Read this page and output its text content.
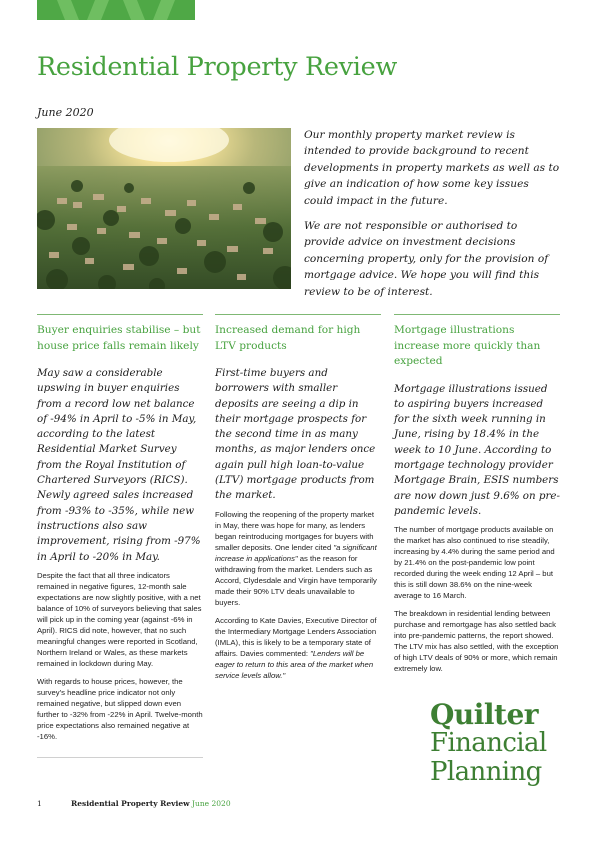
Residential Property Review
June 2020

Our monthly property market review is intended to provide background to recent developments in property markets as well as to give an indication of how some key issues could impact in the future.

We are not responsible or authorised to provide advice on investment decisions concerning property, only for the provision of mortgage advice. We hope you will find this review to be of interest.

Buyer enquiries stabilise – but house price falls remain likely

May saw a considerable upswing in buyer enquiries from a record low net balance of -94% in April to -5% in May, according to the latest Residential Market Survey from the Royal Institution of Chartered Surveyors (RICS). Newly agreed sales increased from -93% to -35%, while new instructions also saw improvement, rising from -97% in April to -20% in May.

Despite the fact that all three indicators remained in negative figures, 12-month sale expectations are now slightly positive, with a net balance of 10% of surveyors believing that sales will pick up in the coming year (against -6% in April). RICS did note, however, that no such meaningful changes were reported in Scotland, Northern Ireland or Wales, as these markets remained in lockdown during May.

With regards to house prices, however, the survey's headline price indicator not only remained negative, but slipped down even further to -32% from -22% in April. Twelve-month price expectations also remained negative at -16%.

Increased demand for high LTV products

First-time buyers and borrowers with smaller deposits are seeing a dip in their mortgage prospects for the second time in as many months, as major lenders once again pull high loan-to-value (LTV) mortgage products from the market.

Following the reopening of the property market in May, there was hope for many, as lenders began reintroducing mortgages for buyers with smaller deposits. One lender cited "a significant increase in applications" as the reason for withdrawing from the market. Lenders such as Accord, Clydesdale and Virgin have temporarily made their 90% LTV deals unavailable to buyers.

According to Kate Davies, Executive Director of the Intermediary Mortgage Lenders Association (IMLA), this is likely to be a temporary state of affairs. Davies commented: "Lenders will be eager to return to this area of the market when service levels allow."

Mortgage illustrations increase more quickly than expected

Mortgage illustrations issued to aspiring buyers increased for the sixth week running in June, rising by 18.4% in the week to 10 June. According to mortgage technology provider Mortgage Brain, ESIS numbers are now down just 9.6% on pre-pandemic levels.

The number of mortgage products available on the market has also continued to rise steadily, increasing by 4.4% during the same period and by 21.4% on the post-pandemic low point recorded during the week ending 12 April – but this is still down 38.6% on the nine-week average to 16 March.

The breakdown in residential lending between purchase and remortgage has also settled back into pre-pandemic patterns, the report showed. The LTV mix has also settled, with the exception of high LTV deals of 90% or more, which remain extremely low.

Quilter
Financial
Planning
1	Residential Property Review June 2020
